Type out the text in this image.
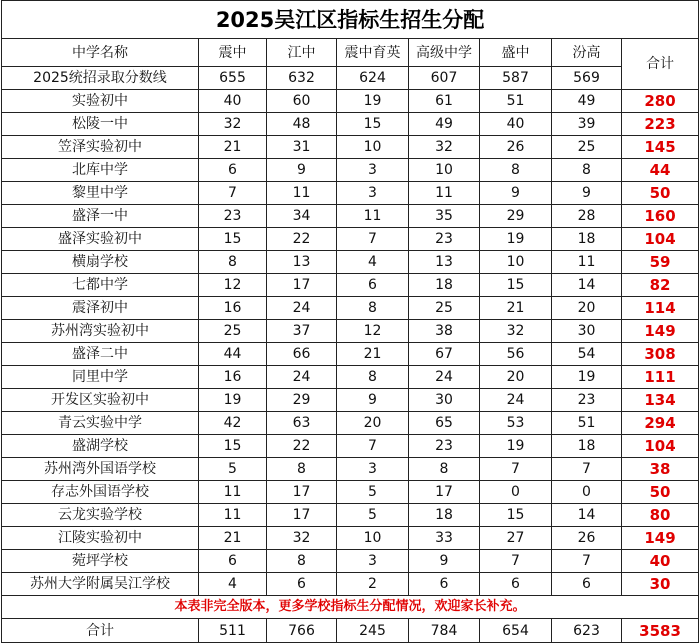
2025吴江区指标生招生分配							
中学名称	震中	江中	震中育英	高级中学	盛中	汾高	合计
2025统招录取分数线	655	632	624	607	587	569	
实验初中	40	60	19	61	51	49	280
松陵一中	32	48	15	49	40	39	223
笠泽实验初中	21	31	10	32	26	25	145
北库中学	6	9	3	10	8	8	44
黎里中学	7	11	3	11	9	9	50
盛泽一中	23	34	11	35	29	28	160
盛泽实验初中	15	22	7	23	19	18	104
横扇学校	8	13	4	13	10	11	59
七都中学	12	17	6	18	15	14	82
震泽初中	16	24	8	25	21	20	114
苏州湾实验初中	25	37	12	38	32	30	149
盛泽二中	44	66	21	67	56	54	308
同里中学	16	24	8	24	20	19	111
开发区实验初中	19	29	9	30	24	23	134
青云实验中学	42	63	20	65	53	51	294
盛湖学校	15	22	7	23	19	18	104
苏州湾外国语学校	5	8	3	8	7	7	38
存志外国语学校	11	17	5	17	0	0	50
云龙实验学校	11	17	5	18	15	14	80
江陵实验初中	21	32	10	33	27	26	149
菀坪学校	6	8	3	9	7	7	40
苏州大学附属吴江学校	4	6	2	6	6	6	30
本表非完全版本，更多学校指标生分配情况，欢迎家长补充。							
合计	511	766	245	784	654	623	3583
